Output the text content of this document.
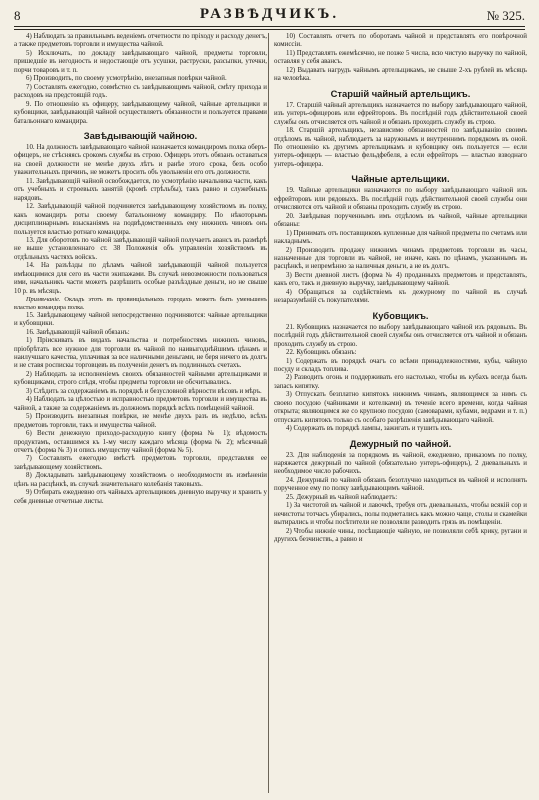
8	РАЗВѢДЧИКЪ.	№ 325.

4) Наблюдать за правильнымъ веденіемъ отчетности по пріходу и расходу денегъ, а также предметовъ торговли и имущества чайной.

5) Исключать, по докладу завѣдывающаго чайной, предметы торговли, пришедшіе въ негодность и недостающіе отъ усушки, раструски, разсыпки, утечки, порчи товаровъ и т. п.

6) Производить, по своему усмотрѣнію, внезапныя повѣрки чайной.

7) Составлять ежегодно, совмѣстно съ завѣдывающимъ чайной, смѣту прихода и расходовъ на предстоящій годъ.

9. По отношенію къ офицеру, завѣдывающему чайной, чайные артельщики и кубовщики, завѣдывающій чайной осуществляетъ обязанности и пользуется правами батальоннаго командира.

Завѣдывающій чайною.

10. На должность завѣдывающаго чайной назначается командиромъ полка оберъ-офицеръ, не стѣсняясь срокомъ службы въ строю. Офицеръ этотъ обязанъ оставаться на своей должности не менѣе двухъ лѣтъ и ранѣе этого срока, безъ особо уважительныхъ причинъ, не можетъ просить объ увольненіи его отъ должности.

11. Завѣдывающій чайной освобождается, по усмотрѣнію начальника части, какъ отъ учебныхъ и строевыхъ занятій (кромѣ стрѣльбы), такъ равно и служебныхъ нарядовъ.

12. Завѣдывающій чайной подчиняется завѣдывающему хозяйствомъ въ полку, какъ командиръ роты своему батальонному командиру. По нѣкоторымъ дисциплинарнымъ взысканіямъ на подвѣдомственныхъ ему нижнихъ чиновъ онъ пользуется властью ротнаго командира.

13. Для оборотовъ по чайной завѣдывающій чайной получаетъ авансъ въ размѣрѣ не выше установленнаго ст. 38 Положенія объ управленіи хозяйствомъ въ отдѣльныхъ частяхъ войскъ.

14. На разъѣзды по дѣламъ чайной завѣдывающій чайной пользуется имѣющимися для сего въ части экипажами. Въ случаѣ невозможности пользоваться ими, начальникъ части можетъ разрѣшить особые разъѣздные деньги, но не свыше 10 р. въ мѣсяцъ.

Примѣчаніе. Окладъ этотъ въ провинціальныхъ городахъ можетъ быть уменьшенъ властью командира полка.

15. Завѣдывающему чайной непосредственно подчиняются: чайные артельщики и кубовщики.

16. Завѣдывающій чайной обязанъ:

1) Пріискивать въ видахъ начальства и потребностямъ нижнихъ чиновъ, пріобрѣтать все нужное для торговли въ чайной по наивыгоднѣйшимъ цѣнамъ и наилучшаго качества, уплачивая за все наличными деньгами, не беря ничего въ долгъ и не ставя роспискы торговцевъ въ полученіи денегъ въ подлинныхъ счетахъ.

2) Наблюдать за исполненіемъ своихъ обязанностей чайными артельщиками и кубовщиками, строго слѣдя, чтобы предметы торговли не обсчитывались.

3) Слѣдить за содержаніемъ въ порядкѣ и безусловной вѣрности вѣсовъ и мѣръ.

4) Наблюдать за цѣлостью и исправностью предметовъ торговли и имущества въ чайной, а также за содержаніемъ въ должномъ порядкѣ всѣхъ помѣщеній чайной.

5) Производить внезапныя повѣрки, не менѣе двухъ разъ въ недѣлю, всѣхъ предметовъ торговли, такъ и имущества чайной.

6) Вести денежную приходо-расходную книгу (форма № 1); вѣдомость продуктамъ, оставшимся къ 1-му числу каждаго мѣсяца (форма № 2); мѣсячный отчетъ (форма № 3) и опись имуществу чайной (форма № 5).

7) Составлять ежегодно вмѣстѣ предметовъ торговли, представляя ее завѣдывающему хозяйствомъ.

8) Докладывать завѣдывающему хозяйствомъ о необходимости въ измѣненіи цѣнъ на расцѣнкѣ, въ случаѣ значительнаго колебанія таковыхъ.

9) Отбирать ежедневно отъ чайныхъ артельщиковъ дневную выручку и хранить у себя дневные отчетные листы.

10) Составлять отчетъ по оборотамъ чайной и представлять его повѣрочной комиссіи.

11) Представлять ежемѣсячно, не позже 5 числа, всю чистую выручку по чайной, оставляя у себя авансъ.

12) Выдавать нагрудъ чайнымъ артельщикамъ, не свыше 2-хъ рублей въ мѣсяцъ на человѣка.

Старшій чайный артельщикъ.

17. Старшій чайный артельщикъ назначается по выбору завѣдывающаго чайной, изъ унтеръ-офицеровъ или ефрейторовъ. Въ послѣдній годъ дѣйствительной своей службы онъ отчисляется отъ чайной и обязанъ проходить службу въ строю.

18. Старшій артельщикъ, независимо обязанностей по завѣдыванію своимъ отдѣломъ въ чайной, наблюдаетъ за наружнымъ и внутреннимъ порядкомъ въ оной. По отношенію къ другимъ артельщикамъ и кубовщику онъ пользуется — если унтеръ-офицеръ — властью фельдфебеля, а если ефрейторъ — властью взводнаго унтеръ-офицера.

Чайные артельщики.

19. Чайные артельщики назначаются по выбору завѣдывающаго чайной изъ ефрейторовъ или рядовыхъ. Въ послѣдній годъ дѣйствительной своей службы они отчисляются отъ чайной и обязаны проходить службу въ строю.

20. Завѣдывая порученнымъ имъ отдѣломъ въ чайной, чайные артельщики обязаны:

1) Принимать отъ поставщиковъ купленные для чайной предметы по счетамъ или накладнымъ.

2) Производить продажу нижнимъ чинамъ предметовъ торговли въ часы, назначенные для торговли въ чайной, не иначе, какъ по цѣнамъ, указаннымъ въ расцѣнкѣ, и непремѣнно за наличныя деньги, а не въ долгъ.

3) Вести дневной листъ (форма № 4) проданныхъ предметовъ и представлять, какъ его, такъ и дневную выручку, завѣдывающему чайной.

4) Обращаться за содѣйствіемъ къ дежурному по чайной въ случаѣ незаразумѣній съ покупателями.

Кубовщикъ.

21. Кубовщикъ назначается по выбору завѣдывающаго чайной изъ рядовыхъ. Въ послѣдній годъ дѣйствительной своей службы онъ отчисляется отъ чайной и обязанъ проходить службу въ строю.

22. Кубовщикъ обязанъ:

1) Содержать въ порядкѣ очагъ со всѣми принадлежностями, кубы, чайную посуду и складъ топлива.

2) Разводить огонь и поддерживать его настолько, чтобы въ кубахъ всегда былъ запасъ кипятку.

3) Отпускать безплатно кипятокъ нижнимъ чинамъ, являющимся за нимъ съ своею посудою (чайниками и котелками) въ теченіе всего времени, когда чайная открыта; являющимся же со крупною посудою (самоварами, кубами, ведрами и т. п.) отпускать кипятокъ только съ особаго разрѣшенія завѣдывающаго чайной.

4) Содержать въ порядкѣ лампы, зажигать и тушить ихъ.

Дежурный по чайной.

23. Для наблюденія за порядкомъ въ чайной, ежедневно, приказомъ по полку, наряжается дежурный по чайной (обязательно унтеръ-офицеръ), 2 дневальныхъ и необходимое число рабочихъ.

24. Дежурный по чайной обязанъ безотлучно находиться въ чайной и исполнять порученное ему по полку завѣдывающимъ чайной.

25. Дежурный въ чайной наблюдаетъ:

1) За чистотой въ чайной и лавочкѣ, требуя отъ дневальныхъ, чтобы всякій сор и нечистоты тотчасъ убирались, полы подметались какъ можно чаще, столы и скамейки вытирались и чтобы посѣтители не позволяли разводить грязь въ помѣщеніи.

2) Чтобы нижніе чины, посѣщающіе чайную, не позволяли себѣ крику, ругани и другихъ безчинствъ, а равно и
